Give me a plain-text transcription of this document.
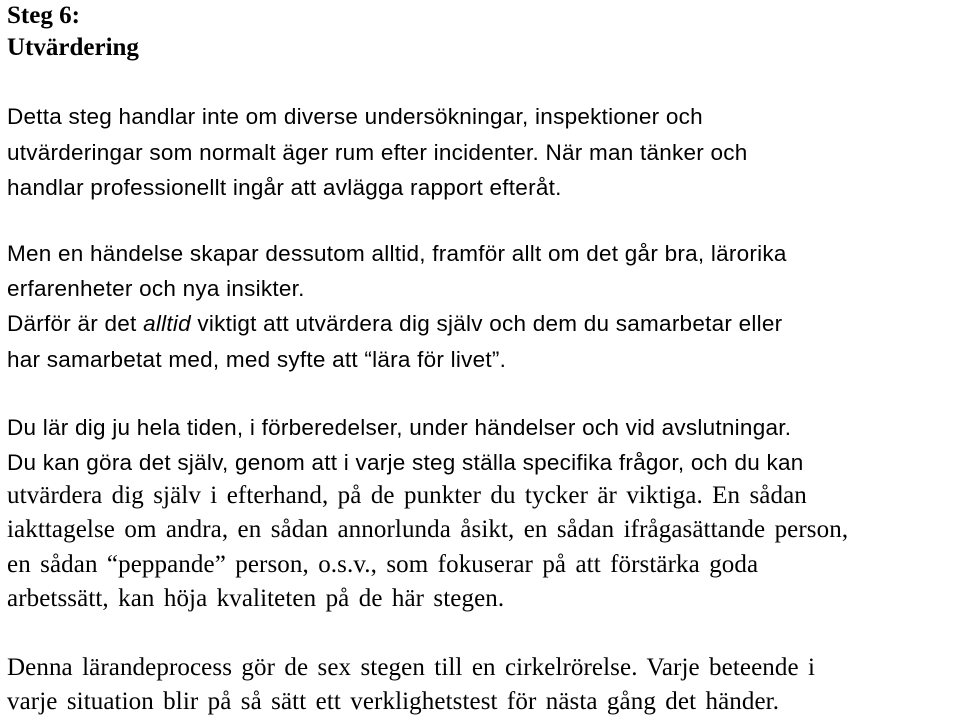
Steg 6:
Utvärdering
Detta steg handlar inte om diverse undersökningar, inspektioner och
utvärderingar som normalt äger rum efter incidenter. När man tänker och
handlar professionellt ingår att avlägga rapport efteråt.
Men en händelse skapar dessutom alltid, framför allt om det går bra, lärorika
erfarenheter och nya insikter.
Därför är det alltid viktigt att utvärdera dig själv och dem du samarbetar eller
har samarbetat med, med syfte att “lära för livet”.
Du lär dig ju hela tiden, i förberedelser, under händelser och vid avslutningar.
Du kan göra det själv, genom att i varje steg ställa specifika frågor, och du kan
utvärdera dig själv i efterhand, på de punkter du tycker är viktiga. En sådan
iakttagelse om andra, en sådan annorlunda åsikt, en sådan ifrågasättande person,
en sådan “peppande” person, o.s.v., som fokuserar på att förstärka goda
arbetssätt, kan höja kvaliteten på de här stegen.
Denna lärandeprocess gör de sex stegen till en cirkelrörelse. Varje beteende i
varje situation blir på så sätt ett verklighetstest för nästa gång det händer.
